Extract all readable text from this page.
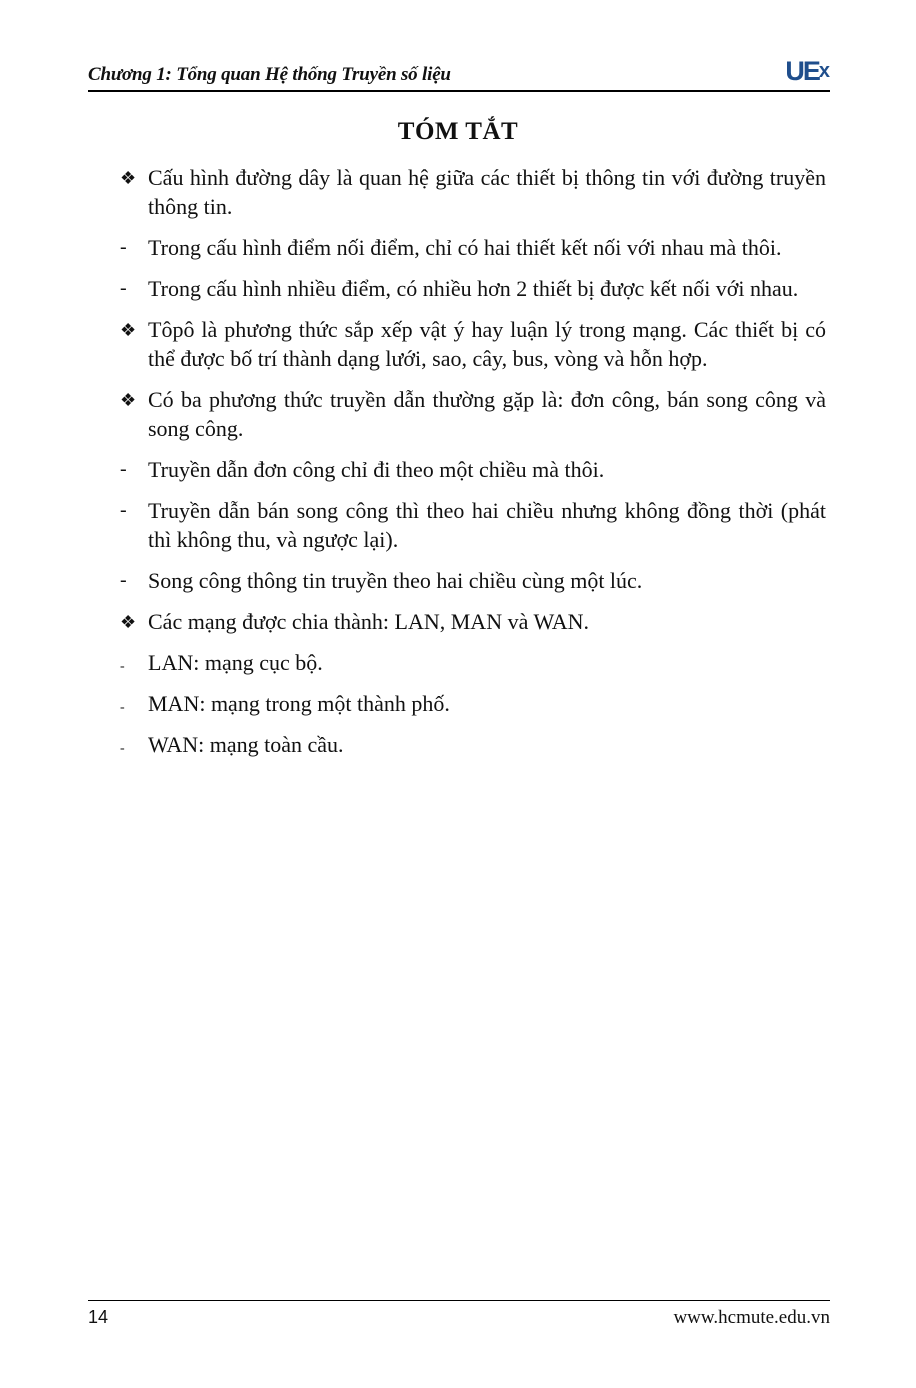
Chương 1: Tổng quan Hệ thống Truyền số liệu	UE x
TÓM TẮT
❖ Cấu hình đường dây là quan hệ giữa các thiết bị thông tin với đường truyền thông tin.
- Trong cấu hình điểm nối điểm, chỉ có hai thiết kết nối với nhau mà thôi.
- Trong cấu hình nhiều điểm, có nhiều hơn 2 thiết bị được kết nối với nhau.
❖ Tôpô là phương thức sắp xếp vật ý hay luận lý trong mạng. Các thiết bị có thể được bố trí thành dạng lưới, sao, cây, bus, vòng và hỗn hợp.
❖ Có ba phương thức truyền dẫn thường gặp là: đơn công, bán song công và song công.
- Truyền dẫn đơn công chỉ đi theo một chiều mà thôi.
- Truyền dẫn bán song công thì theo hai chiều nhưng không đồng thời (phát thì không thu, và ngược lại).
- Song công thông tin truyền theo hai chiều cùng một lúc.
❖ Các mạng được chia thành: LAN, MAN và WAN.
-	LAN: mạng cục bộ.
-	MAN: mạng trong một thành phố.
-	WAN: mạng toàn cầu.
14	www.hcmute.edu.vn
